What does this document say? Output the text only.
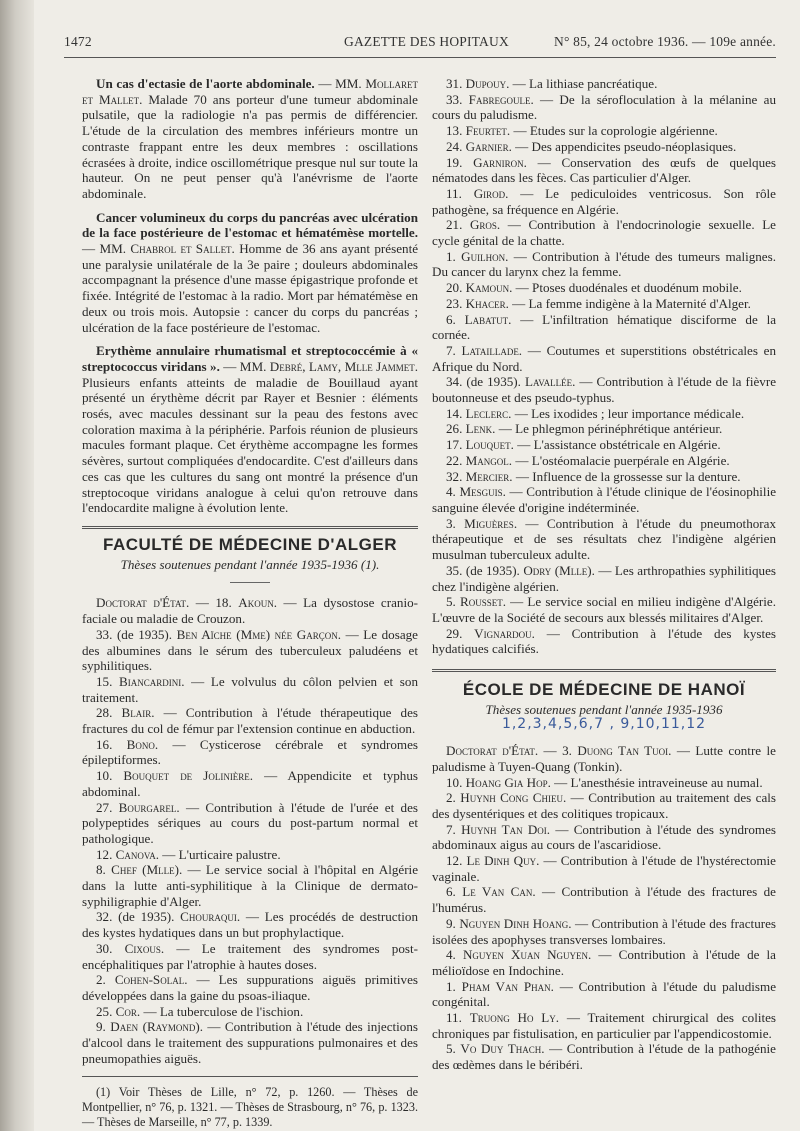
1472	GAZETTE DES HOPITAUX	N° 85, 24 octobre 1936. — 109e année.

Un cas d'ectasie de l'aorte abdominale. — MM. Mollaret et Mallet. Malade 70 ans porteur d'une tumeur abdominale pulsatile, que la radiologie n'a pas permis de différencier. L'étude de la circulation des membres inférieurs montre un contraste frappant entre les deux membres : oscillations écrasées à droite, indice oscillométrique presque nul sur toute la hauteur. On ne peut penser qu'à l'anévrisme de l'aorte abdominale.

Cancer volumineux du corps du pancréas avec ulcération de la face postérieure de l'estomac et hématémèse mortelle. — MM. Chabrol et Sallet. Homme de 36 ans ayant présenté une paralysie unilatérale de la 3e paire ; douleurs abdominales accompagnant la présence d'une masse épigastrique profonde et fixée. Intégrité de l'estomac à la radio. Mort par hématémèse en deux ou trois mois. Autopsie : cancer du corps du pancréas ; ulcération de la face postérieure de l'estomac.

Erythème annulaire rhumatismal et streptococcémie à « streptococcus viridans ». — MM. Debré, Lamy, Mlle Jammet. Plusieurs enfants atteints de maladie de Bouillaud ayant présenté un érythème décrit par Rayer et Besnier : éléments rosés, avec macules dessinant sur la peau des festons avec coloration maxima à la périphérie. Parfois réunion de plusieurs macules formant plaque. Cet érythème accompagne les formes sévères, surtout compliquées d'endocardite. C'est d'ailleurs dans ces cas que les cultures du sang ont montré la présence d'un streptocoque viridans analogue à celui qu'on retrouve dans l'endocardite maligne à évolution lente.

FACULTÉ DE MÉDECINE D'ALGER
Thèses soutenues pendant l'année 1935-1936 (1).

Doctorat d'État. — 18. Akoun. — La dysostose cranio-faciale ou maladie de Crouzon.

33. (de 1935). Ben Aïche (Mme) née Garçon. — Le dosage des albumines dans le sérum des tuberculeux paludéens et syphilitiques.

15. Biancardini. — Le volvulus du côlon pelvien et son traitement.

28. Blair. — Contribution à l'étude thérapeutique des fractures du col de fémur par l'extension continue en abduction.

16. Bono. — Cysticerose cérébrale et syndromes épileptiformes.

10. Bouquet de Jolinière. — Appendicite et typhus abdominal.

27. Bourgarel. — Contribution à l'étude de l'urée et des polypeptides sériques au cours du post-partum normal et pathologique.

12. Canova. — L'urticaire palustre.

8. Chef (Mlle). — Le service social à l'hôpital en Algérie dans la lutte anti-syphilitique à la Clinique de dermato-syphiligraphie d'Alger.

32. (de 1935). Chouraqui. — Les procédés de destruction des kystes hydatiques dans un but prophylactique.

30. Cixous. — Le traitement des syndromes post-encéphalitiques par l'atrophie à hautes doses.

2. Cohen-Solal. — Les suppurations aiguës primitives développées dans la gaine du psoas-iliaque.

25. Cor. — La tuberculose de l'ischion.

9. Daen (Raymond). — Contribution à l'étude des injections d'alcool dans le traitement des suppurations pulmonaires et des pneumopathies aiguës.

(1) Voir Thèses de Lille, n° 72, p. 1260. — Thèses de Montpellier, n° 76, p. 1321. — Thèses de Strasbourg, n° 76, p. 1323. — Thèses de Marseille, n° 77, p. 1339.

31. Dupouy. — La lithiase pancréatique.

33. Fabregoule. — De la sérofloculation à la mélanine au cours du paludisme.

13. Feurtet. — Etudes sur la coprologie algérienne.

24. Garnier. — Des appendicites pseudo-néoplasiques.

19. Garniron. — Conservation des œufs de quelques nématodes dans les fèces. Cas particulier d'Alger.

11. Girod. — Le pediculoides ventricosus. Son rôle pathogène, sa fréquence en Algérie.

21. Gros. — Contribution à l'endocrinologie sexuelle. Le cycle génital de la chatte.

1. Guilhon. — Contribution à l'étude des tumeurs malignes. Du cancer du larynx chez la femme.

20. Kamoun. — Ptoses duodénales et duodénum mobile.

23. Khacer. — La femme indigène à la Maternité d'Alger.

6. Labatut. — L'infiltration hématique disciforme de la cornée.

7. Lataillade. — Coutumes et superstitions obstétricales en Afrique du Nord.

34. (de 1935). Lavallée. — Contribution à l'étude de la fièvre boutonneuse et des pseudo-typhus.

14. Leclerc. — Les ixodides ; leur importance médicale.

26. Lenk. — Le phlegmon périnéphrétique antérieur.

17. Louquet. — L'assistance obstétricale en Algérie.

22. Mangol. — L'ostéomalacie puerpérale en Algérie.

32. Mercier. — Influence de la grossesse sur la denture.

4. Mesguis. — Contribution à l'étude clinique de l'éosinophilie sanguine élevée d'origine indéterminée.

3. Miguères. — Contribution à l'étude du pneumothorax thérapeutique et de ses résultats chez l'indigène algérien musulman tuberculeux adulte.

35. (de 1935). Odry (Mlle). — Les arthropathies syphilitiques chez l'indigène algérien.

5. Rousset. — Le service social en milieu indigène d'Algérie. L'œuvre de la Société de secours aux blessés militaires d'Alger.

29. Vignardou. — Contribution à l'étude des kystes hydatiques calcifiés.

ÉCOLE DE MÉDECINE DE HANOÏ
Thèses soutenues pendant l'année 1935-1936
1,2,3,4,5,6,7 , 9,10,11,12

Doctorat d'État. — 3. Duong Tan Tuoi. — Lutte contre le paludisme à Tuyen-Quang (Tonkin).

10. Hoang Gia Hop. — L'anesthésie intraveineuse au numal.

2. Huynh Cong Chieu. — Contribution au traitement des cals des dysentériques et des colitiques tropicaux.

7. Huynh Tan Doi. — Contribution à l'étude des syndromes abdominaux aigus au cours de l'ascaridiose.

12. Le Dinh Quy. — Contribution à l'étude de l'hystérectomie vaginale.

6. Le Van Can. — Contribution à l'étude des fractures de l'humérus.

9. Nguyen Dinh Hoang. — Contribution à l'étude des fractures isolées des apophyses transverses lombaires.

4. Nguyen Xuan Nguyen. — Contribution à l'étude de la mélioïdose en Indochine.

1. Pham Van Phan. — Contribution à l'étude du paludisme congénital.

11. Truong Ho Ly. — Traitement chirurgical des colites chroniques par fistulisation, en particulier par l'appendicostomie.

5. Vo Duy Thach. — Contribution à l'étude de la pathogénie des œdèmes dans le béribéri.
